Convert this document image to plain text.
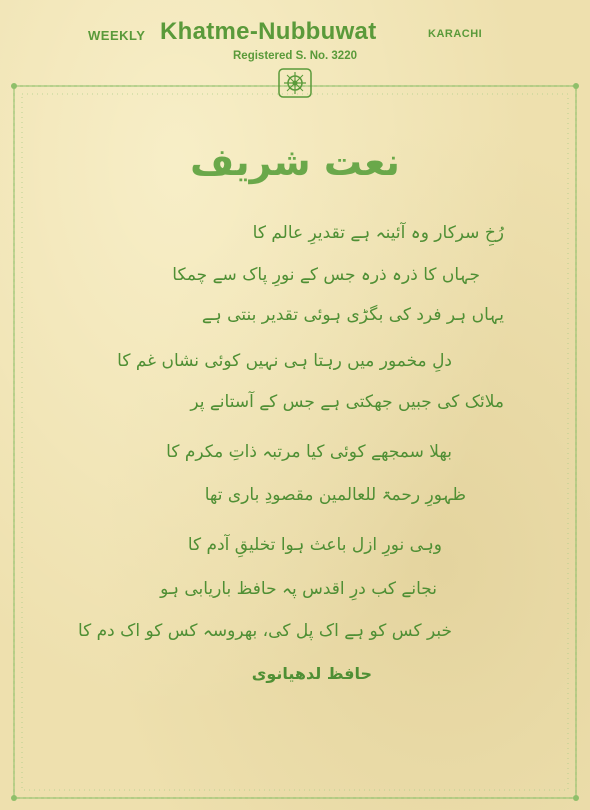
WEEKLY Khatme-Nubbuwat	KARACHI
Registered S. No. 3220
نعت شریف
رُخِ سرکار وہ آئینہ ہے تقدیرِ عالم کا
جہاں کا ذرہ ذرہ جس کے نورِ پاک سے چمکا
یہاں ہر فرد کی بگڑی ہوئی تقدیر بنتی ہے
دلِ مخمور میں رہتا ہی نہیں کوئی نشاں غم کا
ملائک کی جبیں جھکتی ہے جس کے آستانے پر
بھلا سمجھے کوئی کیا مرتبہ ذاتِ مکرم کا
ظہورِ رحمۃ للعالمین مقصودِ باری تھا
وہی نورِ ازل باعث ہوا تخلیقِ آدم کا
نجانے کب درِ اقدس پہ حافظ باریابی ہو
خبر کس کو ہے اک پل کی، بھروسہ کس کو اک دم کا
حافظ لدھیانوی
